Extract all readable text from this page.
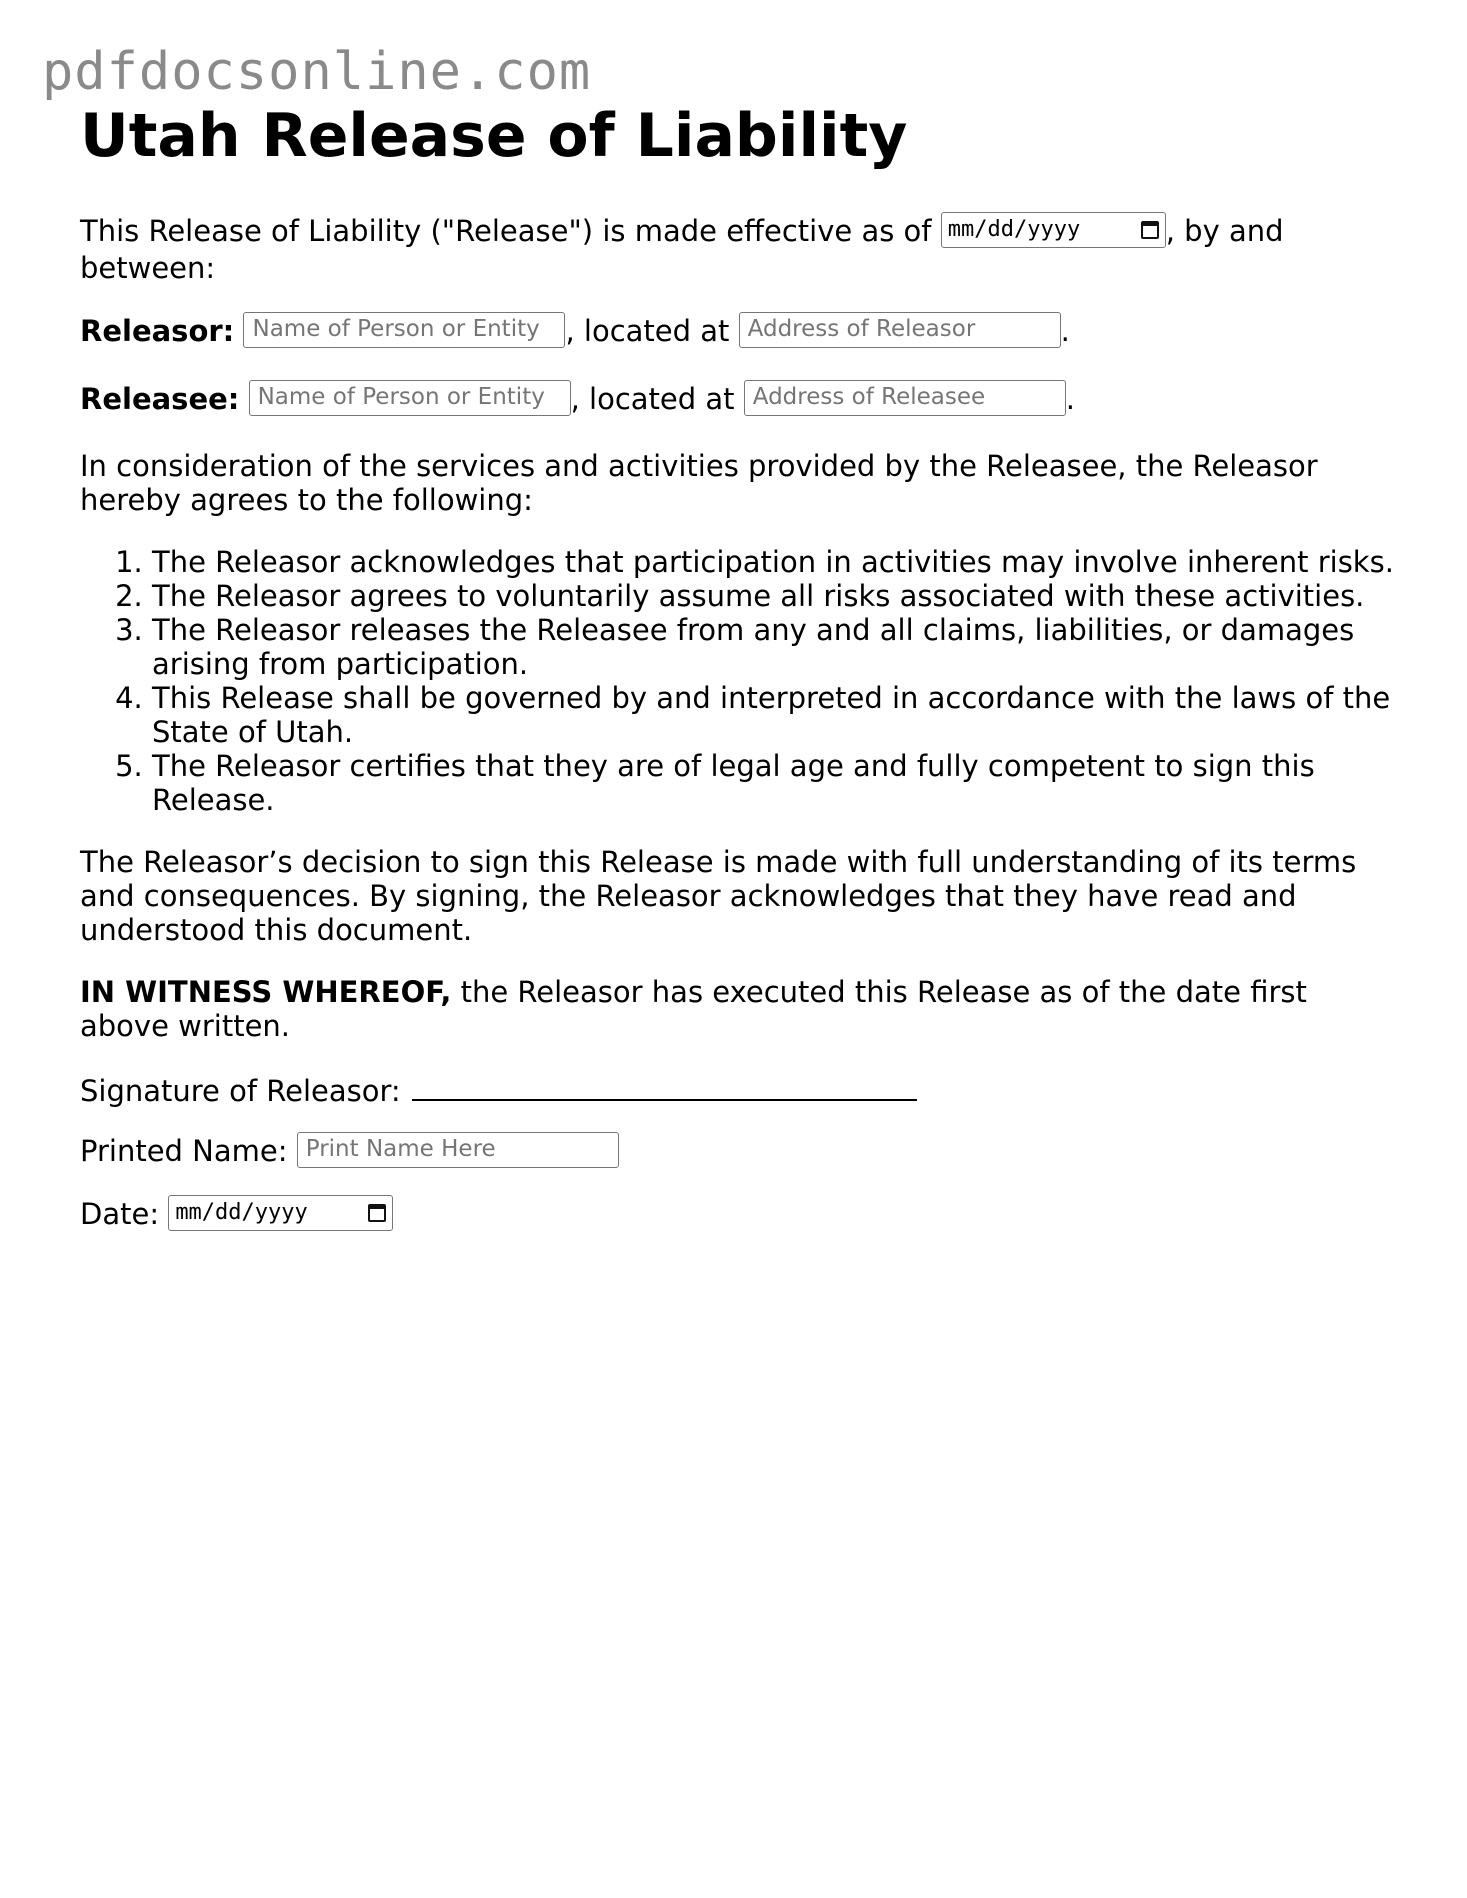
pdfdocsonline.com
Utah Release of Liability

This Release of Liability ("Release") is made effective as of mm/dd/yyyy	, by and between:

Releasor: Name of Person or Entity , located at Address of Releasor	.
Releasee: Name of Person or Entity , located at Address of Releasee	.

In consideration of the services and activities provided by the Releasee, the Releasor hereby agrees to the following:

1. The Releasor acknowledges that participation in activities may involve inherent risks.
2. The Releasor agrees to voluntarily assume all risks associated with these activities.
3. The Releasor releases the Releasee from any and all claims, liabilities, or damages arising from participation.
4. This Release shall be governed by and interpreted in accordance with the laws of the State of Utah.
5. The Releasor certifies that they are of legal age and fully competent to sign this Release.

The Releasor’s decision to sign this Release is made with full understanding of its terms and consequences. By signing, the Releasor acknowledges that they have read and understood this document.

IN WITNESS WHEREOF, the Releasor has executed this Release as of the date first above written.

Signature of Releasor:
Printed Name: Print Name Here
Date: mm/dd/yyyy
